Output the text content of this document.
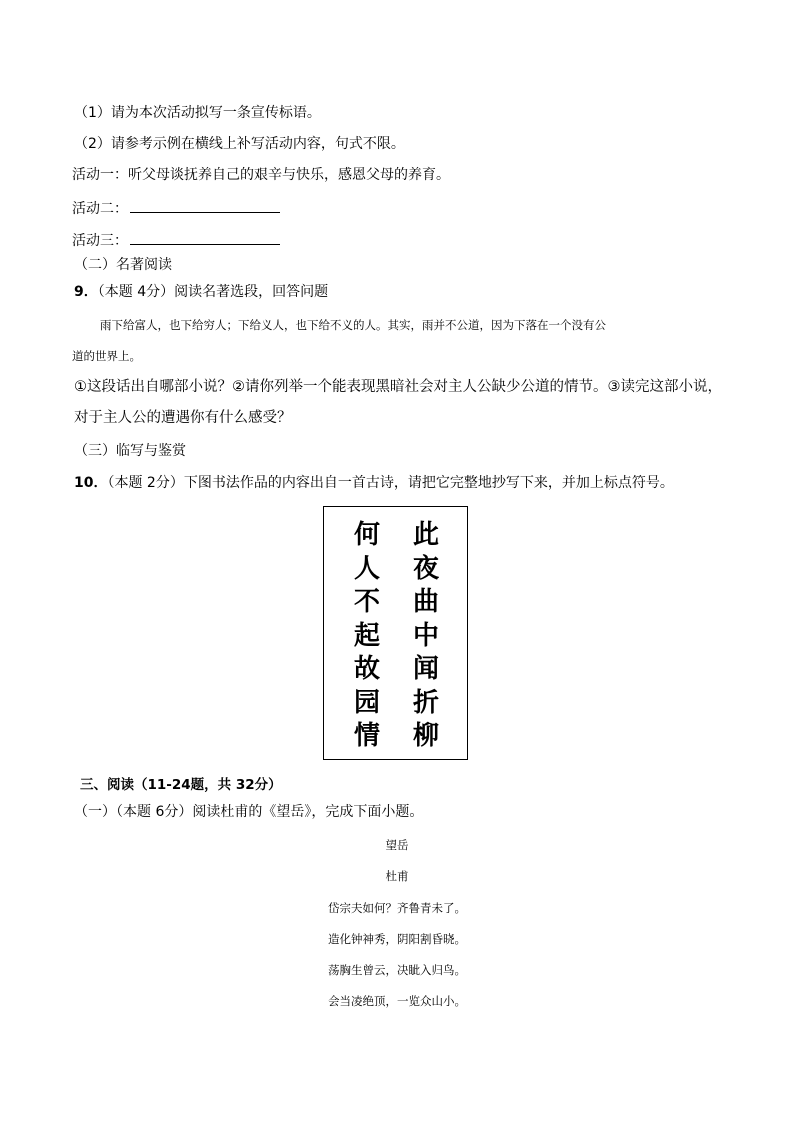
（1）请为本次活动拟写一条宣传标语。
（2）请参考示例在横线上补写活动内容，句式不限。
活动一：听父母谈抚养自己的艰辛与快乐，感恩父母的养育。
活动二：
活动三：
（二）名著阅读
9．（本题 4分）阅读名著选段，回答问题
雨下给富人，也下给穷人；下给义人，也下给不义的人。其实，雨并不公道，因为下落在一个没有公
道的世界上。
①这段话出自哪部小说？②请你列举一个能表现黑暗社会对主人公缺少公道的情节。③读完这部小说，
对于主人公的遭遇你有什么感受？
（三）临写与鉴赏
10．（本题 2分）下图书法作品的内容出自一首古诗，请把它完整地抄写下来，并加上标点符号。
此夜曲中闻折柳
何人不起故园情
三、阅读（11-24题，共 32分）
（一）（本题 6分）阅读杜甫的《望岳》，完成下面小题。
望岳
杜甫
岱宗夫如何？齐鲁青未了。
造化钟神秀，阴阳割昏晓。
荡胸生曾云，决眦入归鸟。
会当凌绝顶，一览众山小。
